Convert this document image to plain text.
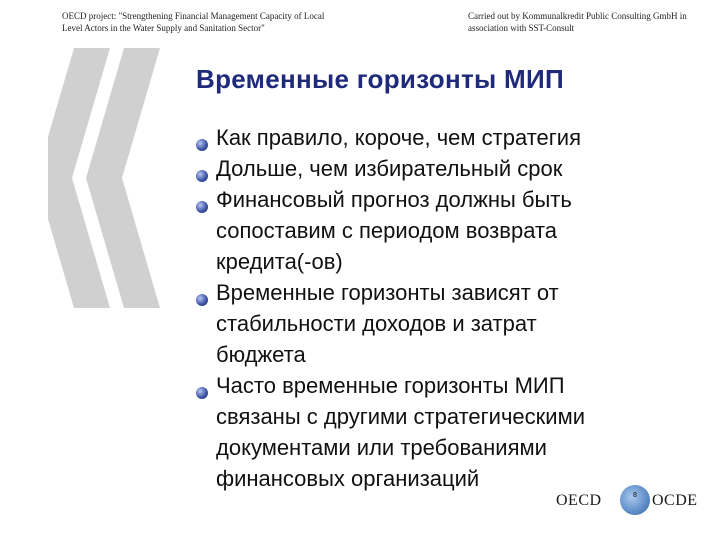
OECD project: "Strengthening Financial Management Capacity of Local
Level Actors in the Water Supply and Sanitation Sector"
Carried out by Kommunalkredit Public Consulting GmbH in
association with SST-Consult
Временные горизонты МИП
Как правило, короче, чем стратегия
Дольше, чем избирательный срок
Финансовый прогноз должны быть
сопоставим с периодом возврата
кредита(-ов)
Временные горизонты зависят от
стабильности доходов и затрат
бюджета
Часто временные горизонты МИП
связаны с другими стратегическими
документами или требованиями
финансовых организаций
OECD	8 OCDE
